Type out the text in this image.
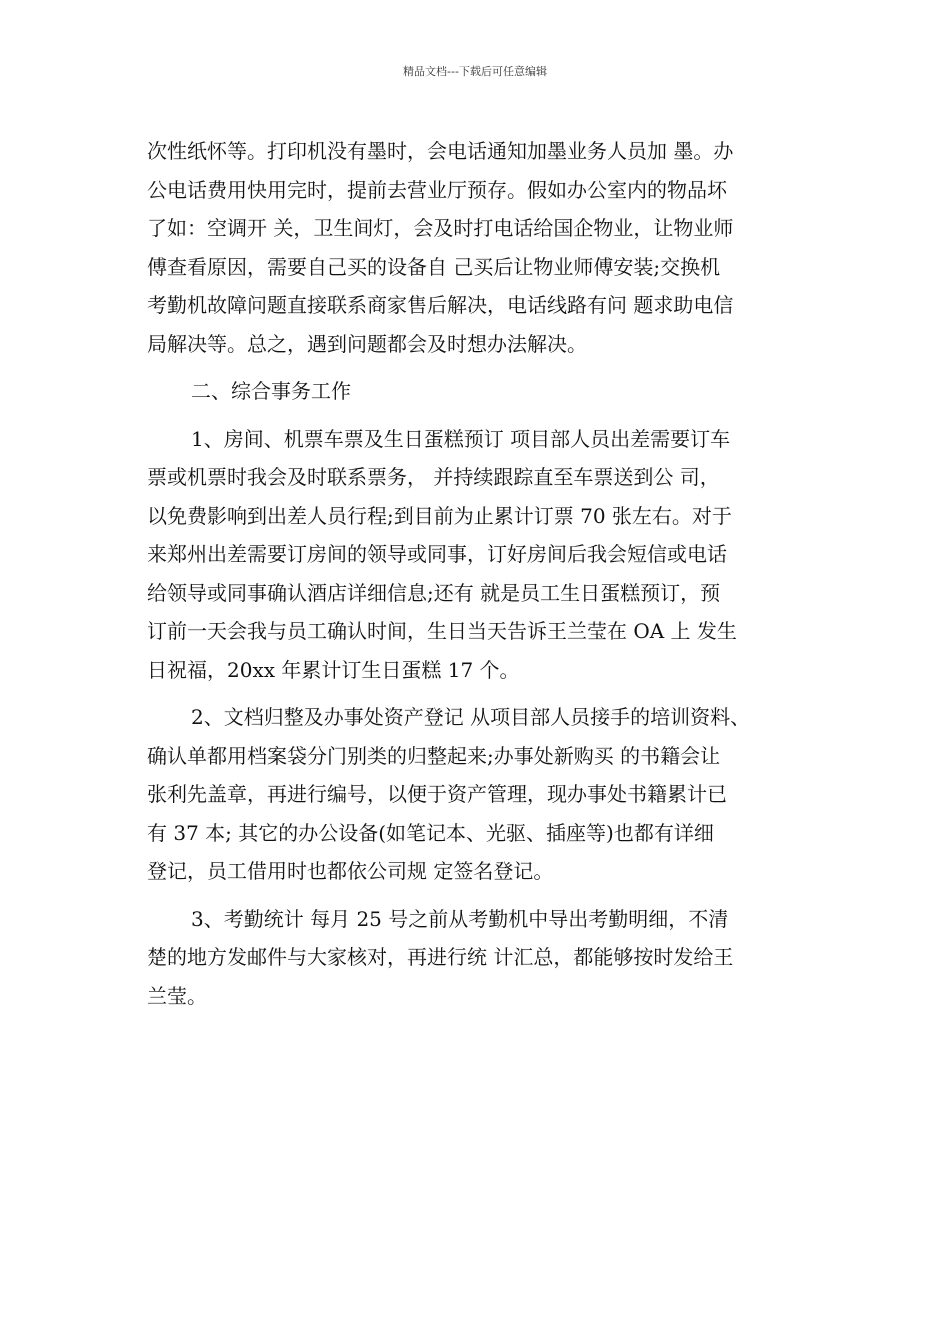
精品文档---下载后可任意编辑
次性纸怀等。打印机没有墨时，会电话通知加墨业务人员加 墨。办
公电话费用快用完时，提前去营业厅预存。假如办公室内的物品坏
了如：空调开 关，卫生间灯，会及时打电话给国企物业，让物业师
傅查看原因，需要自己买的设备自 己买后让物业师傅安装;交换机
考勤机故障问题直接联系商家售后解决，电话线路有问 题求助电信
局解决等。总之，遇到问题都会及时想办法解决。
二、综合事务工作
1、房间、机票车票及生日蛋糕预订 项目部人员出差需要订车
票或机票时我会及时联系票务， 并持续跟踪直至车票送到公 司，
以免费影响到出差人员行程;到目前为止累计订票 70 张左右。对于
来郑州出差需要订房间的领导或同事，订好房间后我会短信或电话
给领导或同事确认酒店详细信息;还有 就是员工生日蛋糕预订，预
订前一天会我与员工确认时间，生日当天告诉王兰莹在 OA 上 发生
日祝福，20xx 年累计订生日蛋糕 17 个。
2、文档归整及办事处资产登记 从项目部人员接手的培训资料、
确认单都用档案袋分门别类的归整起来;办事处新购买 的书籍会让
张利先盖章，再进行编号，以便于资产管理，现办事处书籍累计已
有 37 本; 其它的办公设备(如笔记本、光驱、插座等)也都有详细
登记，员工借用时也都依公司规 定签名登记。
3、考勤统计 每月 25 号之前从考勤机中导出考勤明细，不清
楚的地方发邮件与大家核对，再进行统 计汇总，都能够按时发给王
兰莹。
